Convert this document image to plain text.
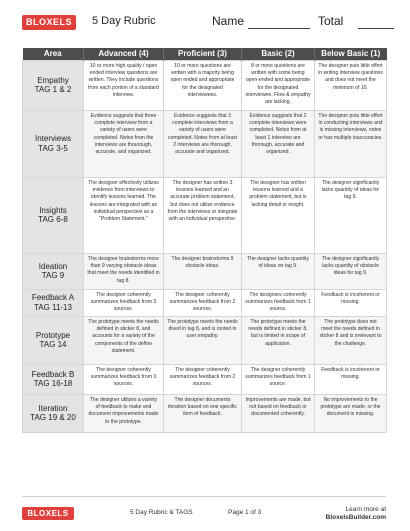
BLOXELS	5 Day Rubric	Name	Total
Area	Advanced (4)	Proficient (3)	Basic (2)	Below Basic (1)
Empathy
TAG 1 & 2	10 or more high quality / open ended interview questions are written. They include questions from each portion of a standard interview.	10 or more questions are written with a majority being open ended and appropriate for the designated interviewees.	8 or more questions are written with some being open-ended and appropriate for the designated interviewee. Flow & empathy are lacking.	The designer puts little effort in writing interview questions and does not meet the minimum of 10.
Interviews
TAG 3-5	Evidence suggests that three complete interview from a variety of users were completed. Notes from the interviews are thourough, accurate, and organized.	Evidence suggests that 3 complete interviews from a variety of users were completed. Notes from at least 2 interviews are thorough, accurate and organized.	Evidence suggests that 2 complete interviews were completed. Notes from at least 1 interview are thorough, accurate and organized.	The designer puts little effort in conducting interviews and is missing interviews, notes or has multiple inaccuracies.
Insights
TAG 6-8	The designer effectively utilizes evidence from interviews to identify lessons learned. The lessons are integrated with an individual perspective as a “Problem Statement.”	The designer has written 3 lessons learned and an accurate problem statement, but does not utilize evidence from the interviews or integrate with an individual perspective.	The designer has written lessons learned and a problem statement, but is lacking detail or insight.	The designer significantly lacks quantity of ideas for tag 9.
Ideation
TAG 9	The designer brainstorms more than 9 varying obstacle ideas that meet the needs identified in tag 8.	The designer brainstorms 9 obstacle ideas.	The designer lacks quantity of ideas on tag 9.	The designer significantly lacks quantity of obstacle ideas for tag 9.
Feedback A
TAG 11-13	The designer coherently summarizes feedback from 3 sources.	The designer coherently summarizes feedback from 2 sources.	The designers coherently summarizes feedback from 1 source.	Feedback is incoherent or missing.
Prototype
TAG 14	The prototype meets the needs defined in sticker 8, and accounts for a variety of the components of the define statement.	The prototype meets the needs dived in tag 8, and is rooted in user empathy.	The prototype meets the needs defined in sticker 8, but is limited in scope of application.	The prototype does not meet the needs defined in sticker 8 and is irrelevant to the challenge.
Feedback B
TAG 16-18	The designer coherently summarizes feedback from 3 sources.	The designer coherently summarizes feedback from 2 sources.	The designer coherently summarizes feedback from 1 source.	Feedback is incoherent or missing.
Iteration
TAG 19 & 20	The designer utilizes a variety of feedback to make and document improvements made to the prototype.	The designer documents iteration based on one specific item of feedback.	Improvements are made, but not based on feedback or documented coherently.	No improvements to the prototype are made, or the document is missing.
BLOXELS	5 Day Rubric & TAGS	Page 1 of 3	Learn more at
BloxelsBuilder.com
